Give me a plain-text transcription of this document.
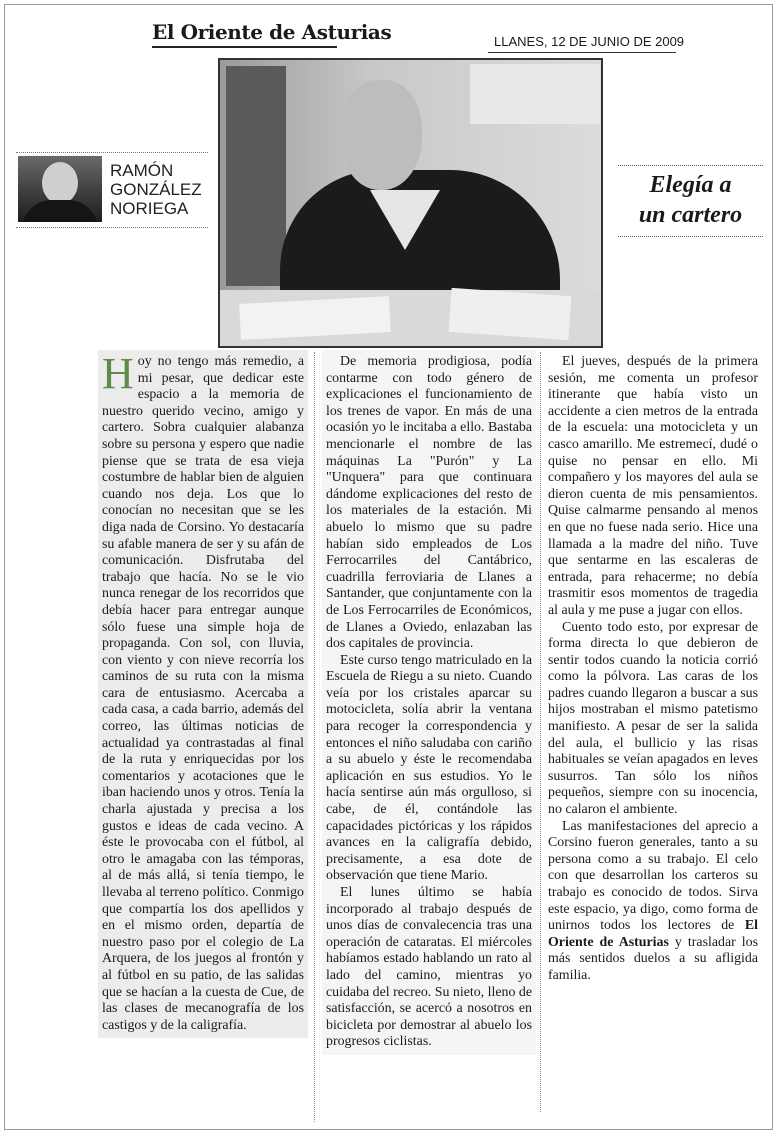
El Oriente de Asturias	LLANES, 12 DE JUNIO DE 2009
RAMÓN
GONZÁLEZ
NORIEGA
Elegía a
un cartero

Hoy no tengo más remedio, a mi pesar, que dedicar este espacio a la memoria de nuestro querido vecino, amigo y cartero. Sobra cualquier alabanza sobre su persona y espero que nadie piense que se trata de esa vieja costumbre de hablar bien de alguien cuando nos deja. Los que lo conocían no necesitan que se les diga nada de Corsino. Yo destacaría su afable manera de ser y su afán de comunicación. Disfrutaba del trabajo que hacía. No se le vio nunca renegar de los recorridos que debía hacer para entregar aunque sólo fuese una simple hoja de propaganda. Con sol, con lluvia, con viento y con nieve recorría los caminos de su ruta con la misma cara de entusiasmo. Acercaba a cada casa, a cada barrio, además del correo, las últimas noticias de actualidad ya contrastadas al final de la ruta y enriquecidas por los comentarios y acotaciones que le iban haciendo unos y otros. Tenía la charla ajustada y precisa a los gustos e ideas de cada vecino. A éste le provocaba con el fútbol, al otro le amagaba con las témporas, al de más allá, si tenía tiempo, le llevaba al terreno político. Conmigo que compartía los dos apellidos y en el mismo orden, departía de nuestro paso por el colegio de La Arquera, de los juegos al frontón y al fútbol en su patio, de las salidas que se hacían a la cuesta de Cue, de las clases de mecanografía de los castigos y de la caligrafía.

De memoria prodigiosa, podía contarme con todo género de explicaciones el funcionamiento de los trenes de vapor. En más de una ocasión yo le incitaba a ello. Bastaba mencionarle el nombre de las máquinas La "Purón" y La "Unquera" para que continuara dándome explicaciones del resto de los materiales de la estación. Mi abuelo lo mismo que su padre habían sido empleados de Los Ferrocarriles del Cantábrico, cuadrilla ferroviaria de Llanes a Santander, que conjuntamente con la de Los Ferrocarriles de Económicos, de Llanes a Oviedo, enlazaban las dos capitales de provincia.

Este curso tengo matriculado en la Escuela de Riegu a su nieto. Cuando veía por los cristales aparcar su motocicleta, solía abrir la ventana para recoger la correspondencia y entonces el niño saludaba con cariño a su abuelo y éste le recomendaba aplicación en sus estudios. Yo le hacía sentirse aún más orgulloso, si cabe, de él, contándole las capacidades pictóricas y los rápidos avances en la caligrafía debido, precisamente, a esa dote de observación que tiene Mario.

El lunes último se había incorporado al trabajo después de unos días de convalecencia tras una operación de cataratas. El miércoles habíamos estado hablando un rato al lado del camino, mientras yo cuidaba del recreo. Su nieto, lleno de satisfacción, se acercó a nosotros en bicicleta por demostrar al abuelo los progresos ciclistas.

El jueves, después de la primera sesión, me comenta un profesor itinerante que había visto un accidente a cien metros de la entrada de la escuela: una motocicleta y un casco amarillo. Me estremecí, dudé o quise no pensar en ello. Mi compañero y los mayores del aula se dieron cuenta de mis pensamientos. Quise calmarme pensando al menos en que no fuese nada serio. Hice una llamada a la madre del niño. Tuve que sentarme en las escaleras de entrada, para rehacerme; no debía trasmitir esos momentos de tragedia al aula y me puse a jugar con ellos.

Cuento todo esto, por expresar de forma directa lo que debieron de sentir todos cuando la noticia corrió como la pólvora. Las caras de los padres cuando llegaron a buscar a sus hijos mostraban el mismo patetismo manifiesto. A pesar de ser la salida del aula, el bullicio y las risas habituales se veían apagados en leves susurros. Tan sólo los niños pequeños, siempre con su inocencia, no calaron el ambiente.

Las manifestaciones del aprecio a Corsino fueron generales, tanto a su persona como a su trabajo. El celo con que desarrollan los carteros su trabajo es conocido de todos. Sirva este espacio, ya digo, como forma de unirnos todos los lectores de El Oriente de Asturias y trasladar los más sentidos duelos a su afligida familia.
